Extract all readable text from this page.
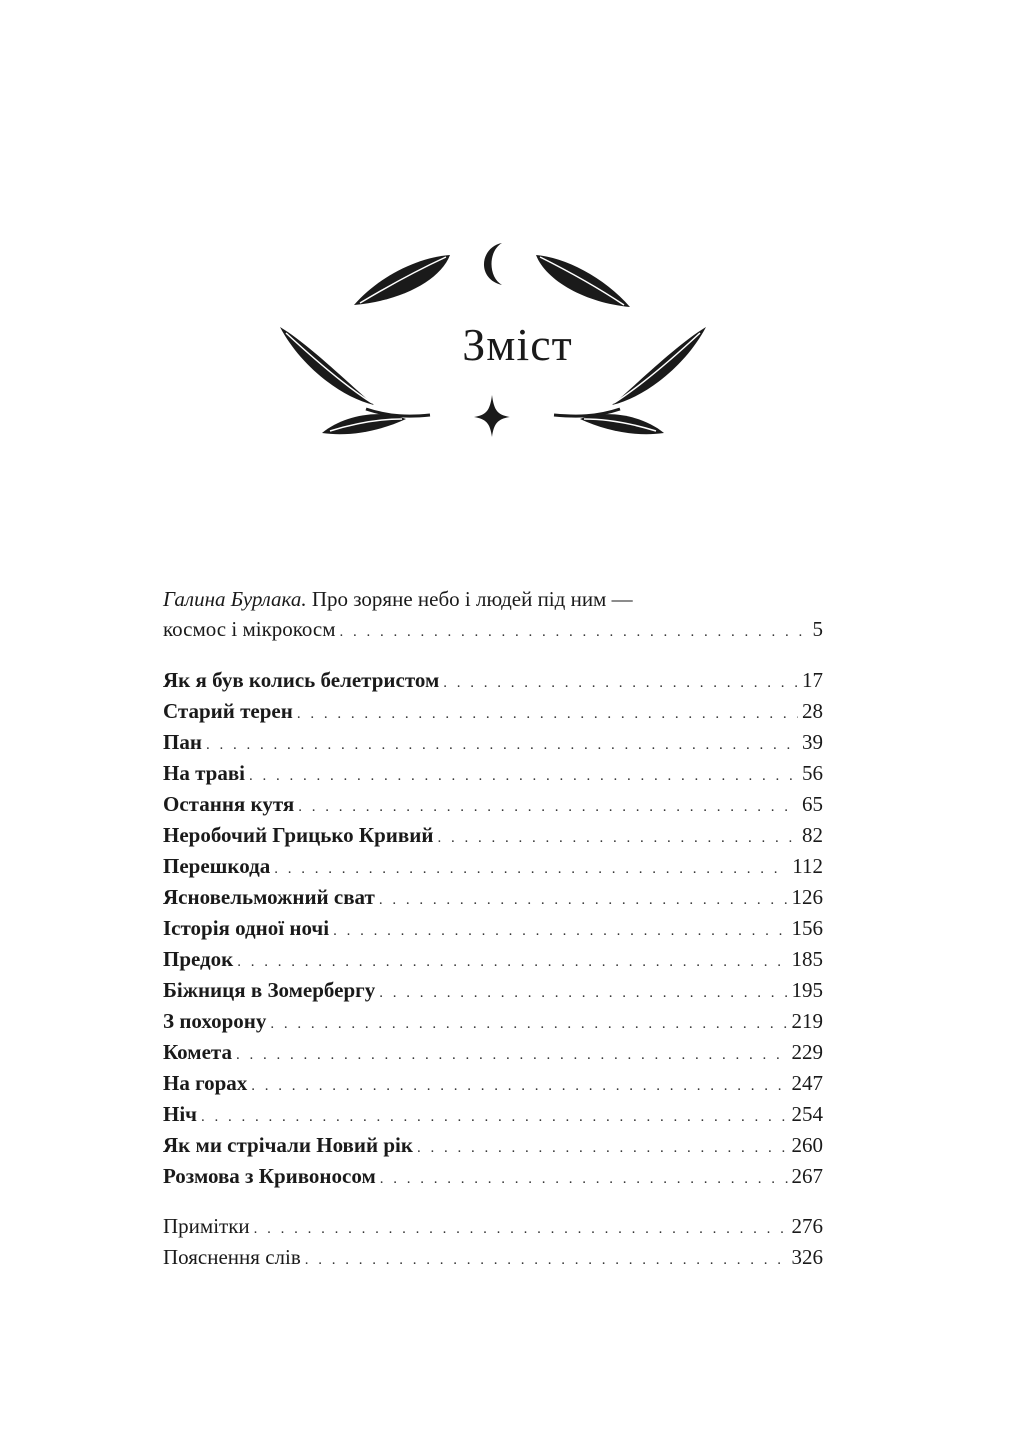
Зміст
Галина Бурлака. Про зоряне небо і людей під ним —
космос і мікрокосм . . .	5
Як я був колись белетристом . . .	17
Старий терен . . .	28
Пан . . .	39
На траві . . .	56
Остання кутя . . .	65
Неробочий Грицько Кривий . . .	82
Перешкода . . .	112
Ясновельможний сват . . .	126
Історія одної ночі . . .	156
Предок . . .	185
Біжниця в Зомербергу . . .	195
З похорону . . .	219
Комета . . .	229
На горах . . .	247
Ніч . . .	254
Як ми стрічали Новий рік . . .	260
Розмова з Кривоносом . . .	267
Примітки . . .	276
Пояснення слів . . .	326
